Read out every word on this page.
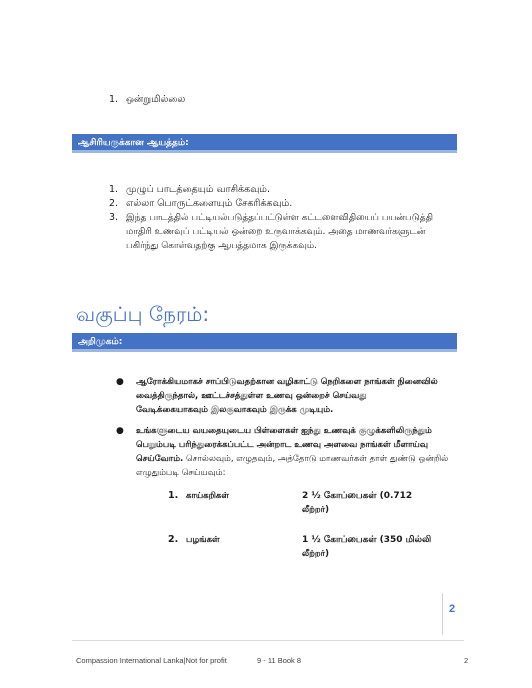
1. ஒன்றுமில்லை
ஆசிரியருக்கான ஆயத்தம்:
1. முழுப் பாடத்தையும் வாசிக்கவும்.
2. எல்லா பொருட்களையும் சேகரிக்கவும்.
3. இந்த பாடத்தில் பட்டியல்படுத்தப்பட்டுள்ள கட்டளைவிதியைப் பயன்படுத்தி
மாதிரி உணவுப் பட்டியல் ஒன்றை உருவாக்கவும். அதை மாணவர்களுடன்
பகிர்ந்து கொள்வதற்கு ஆயத்தமாக இருக்கவும்.
வகுப்பு நேரம்:
அறிமுகம்:
● ஆரோக்கியமாகச் சாப்பிடுவதற்கான வழிகாட்டு நெறிகளை நாங்கள் நினைவில்
வைத்திருந்தால், ஊட்டச்சத்துள்ள உணவு ஒன்றைச் செய்வது
வேடிக்கையாகவும் இலகுவாகவும் இருக்க முடியும்.
● உங்களுடைய வயதையுடைய பிள்ளைகள் ஐந்து உணவுக் குழுக்களிலிருந்தும்
பெறும்படி பரிந்துரைக்கப்பட்ட அன்றாட உணவு அளவை நாங்கள் மீளாய்வு
செய்வோம். சொல்லவும், எழுதவும், அத்தோடு மாணவர்கள் தாள் துண்டு ஒன்றில்
எழுதும்படி செய்யவும்:
1. காய்கறிகள்	2 ½ கோப்பைகள் (0.712
லீற்றர்)
2. பழங்கள்	1 ½ கோப்பைகள் (350 மில்லி
லீற்றர்)
2
Compassion International Lanka|Not for profit	9 - 11 Book 8	2
